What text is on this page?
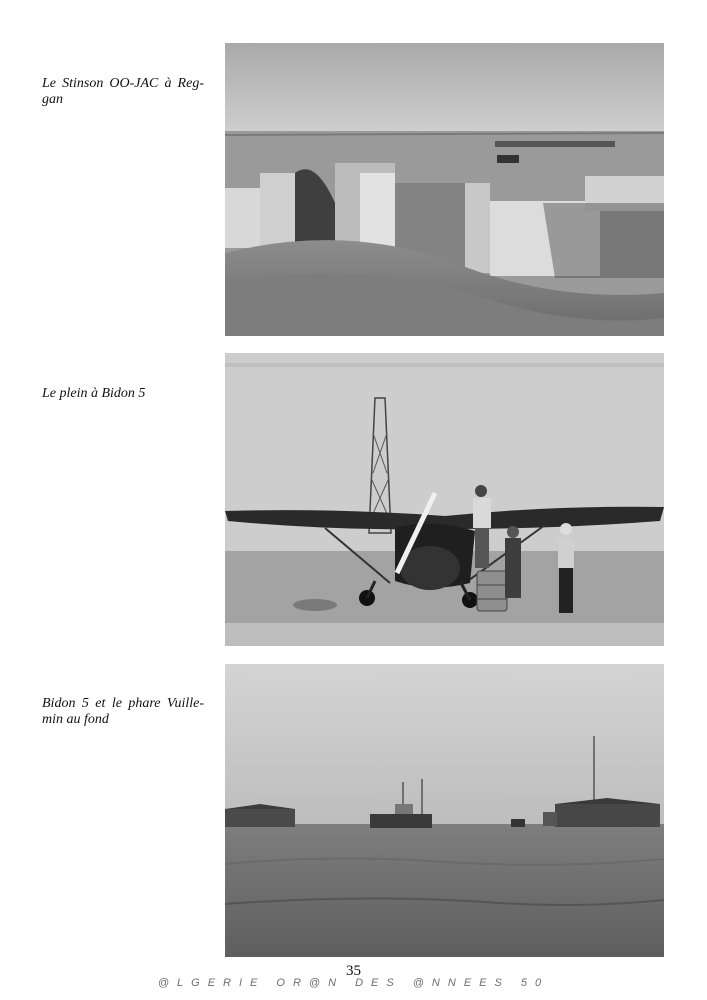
Le Stinson OO-JAC à Reg-gan
Le plein à Bidon 5
Bidon 5 et le phare Vuille-min au fond
35
@LGERIE OR@N DES @NNEES 50
